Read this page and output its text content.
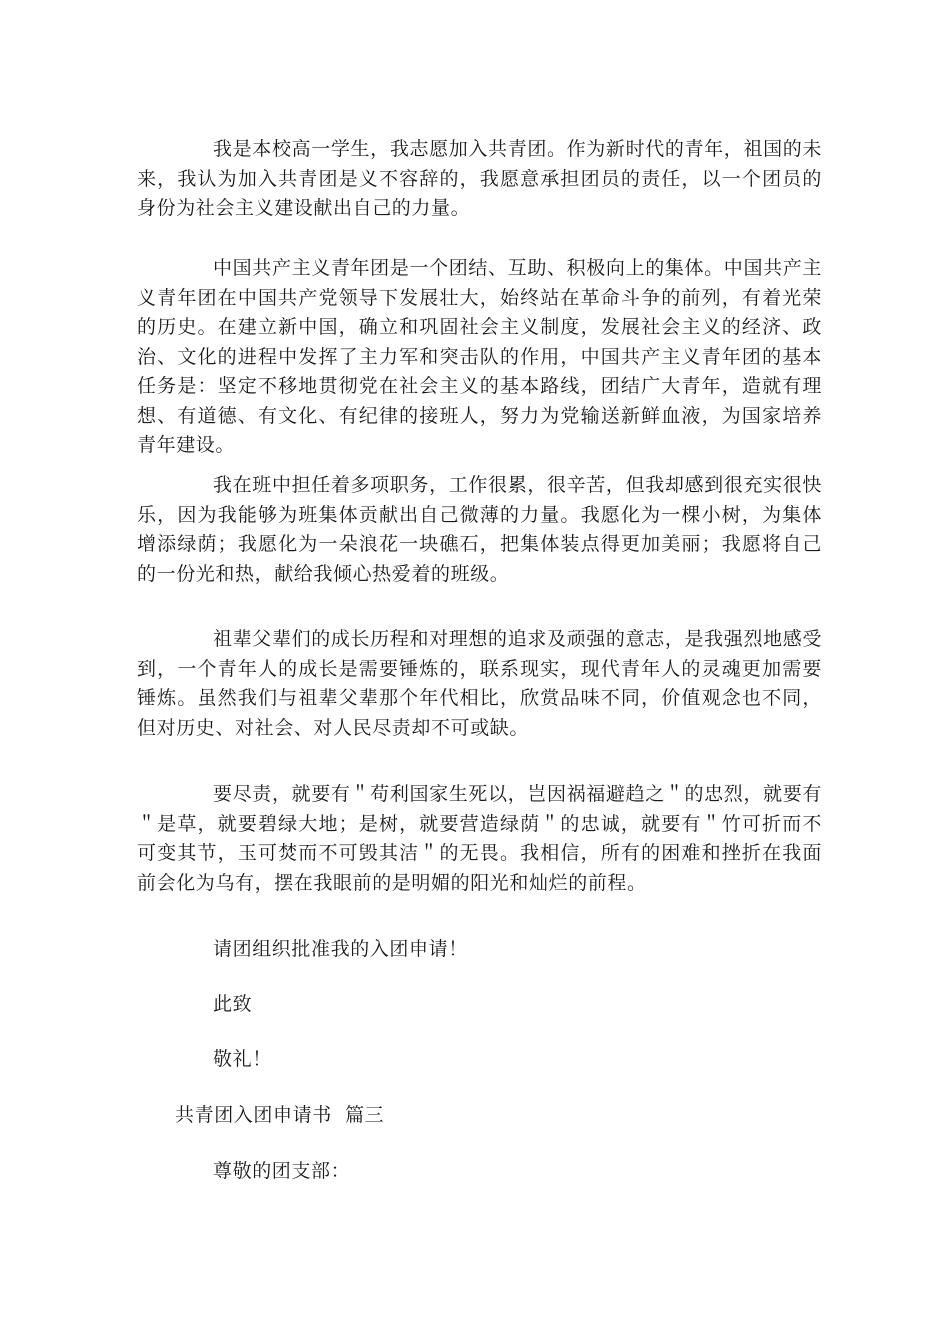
我是本校高一学生，我志愿加入共青团。作为新时代的青年，祖国的未来，我认为加入共青团是义不容辞的，我愿意承担团员的责任，以一个团员的身份为社会主义建设献出自己的力量。

中国共产主义青年团是一个团结、互助、积极向上的集体。中国共产主义青年团在中国共产党领导下发展壮大，始终站在革命斗争的前列，有着光荣的历史。在建立新中国，确立和巩固社会主义制度，发展社会主义的经济、政治、文化的进程中发挥了主力军和突击队的作用，中国共产主义青年团的基本任务是：坚定不移地贯彻党在社会主义的基本路线，团结广大青年，造就有理想、有道德、有文化、有纪律的接班人，努力为党输送新鲜血液，为国家培养青年建设。

我在班中担任着多项职务，工作很累，很辛苦，但我却感到很充实很快乐，因为我能够为班集体贡献出自己微薄的力量。我愿化为一棵小树，为集体增添绿荫；我愿化为一朵浪花一块礁石，把集体装点得更加美丽；我愿将自己的一份光和热，献给我倾心热爱着的班级。

祖辈父辈们的成长历程和对理想的追求及顽强的意志，是我强烈地感受到，一个青年人的成长是需要锤炼的，联系现实，现代青年人的灵魂更加需要锤炼。虽然我们与祖辈父辈那个年代相比，欣赏品味不同，价值观念也不同，但对历史、对社会、对人民尽责却不可或缺。

要尽责，就要有＂苟利国家生死以，岂因祸福避趋之＂的忠烈，就要有＂是草，就要碧绿大地；是树，就要营造绿荫＂的忠诚，就要有＂竹可折而不可变其节，玉可焚而不可毁其洁＂的无畏。我相信，所有的困难和挫折在我面前会化为乌有，摆在我眼前的是明媚的阳光和灿烂的前程。

请团组织批准我的入团申请！

此致

敬礼！

共青团入团申请书  篇三

尊敬的团支部：
